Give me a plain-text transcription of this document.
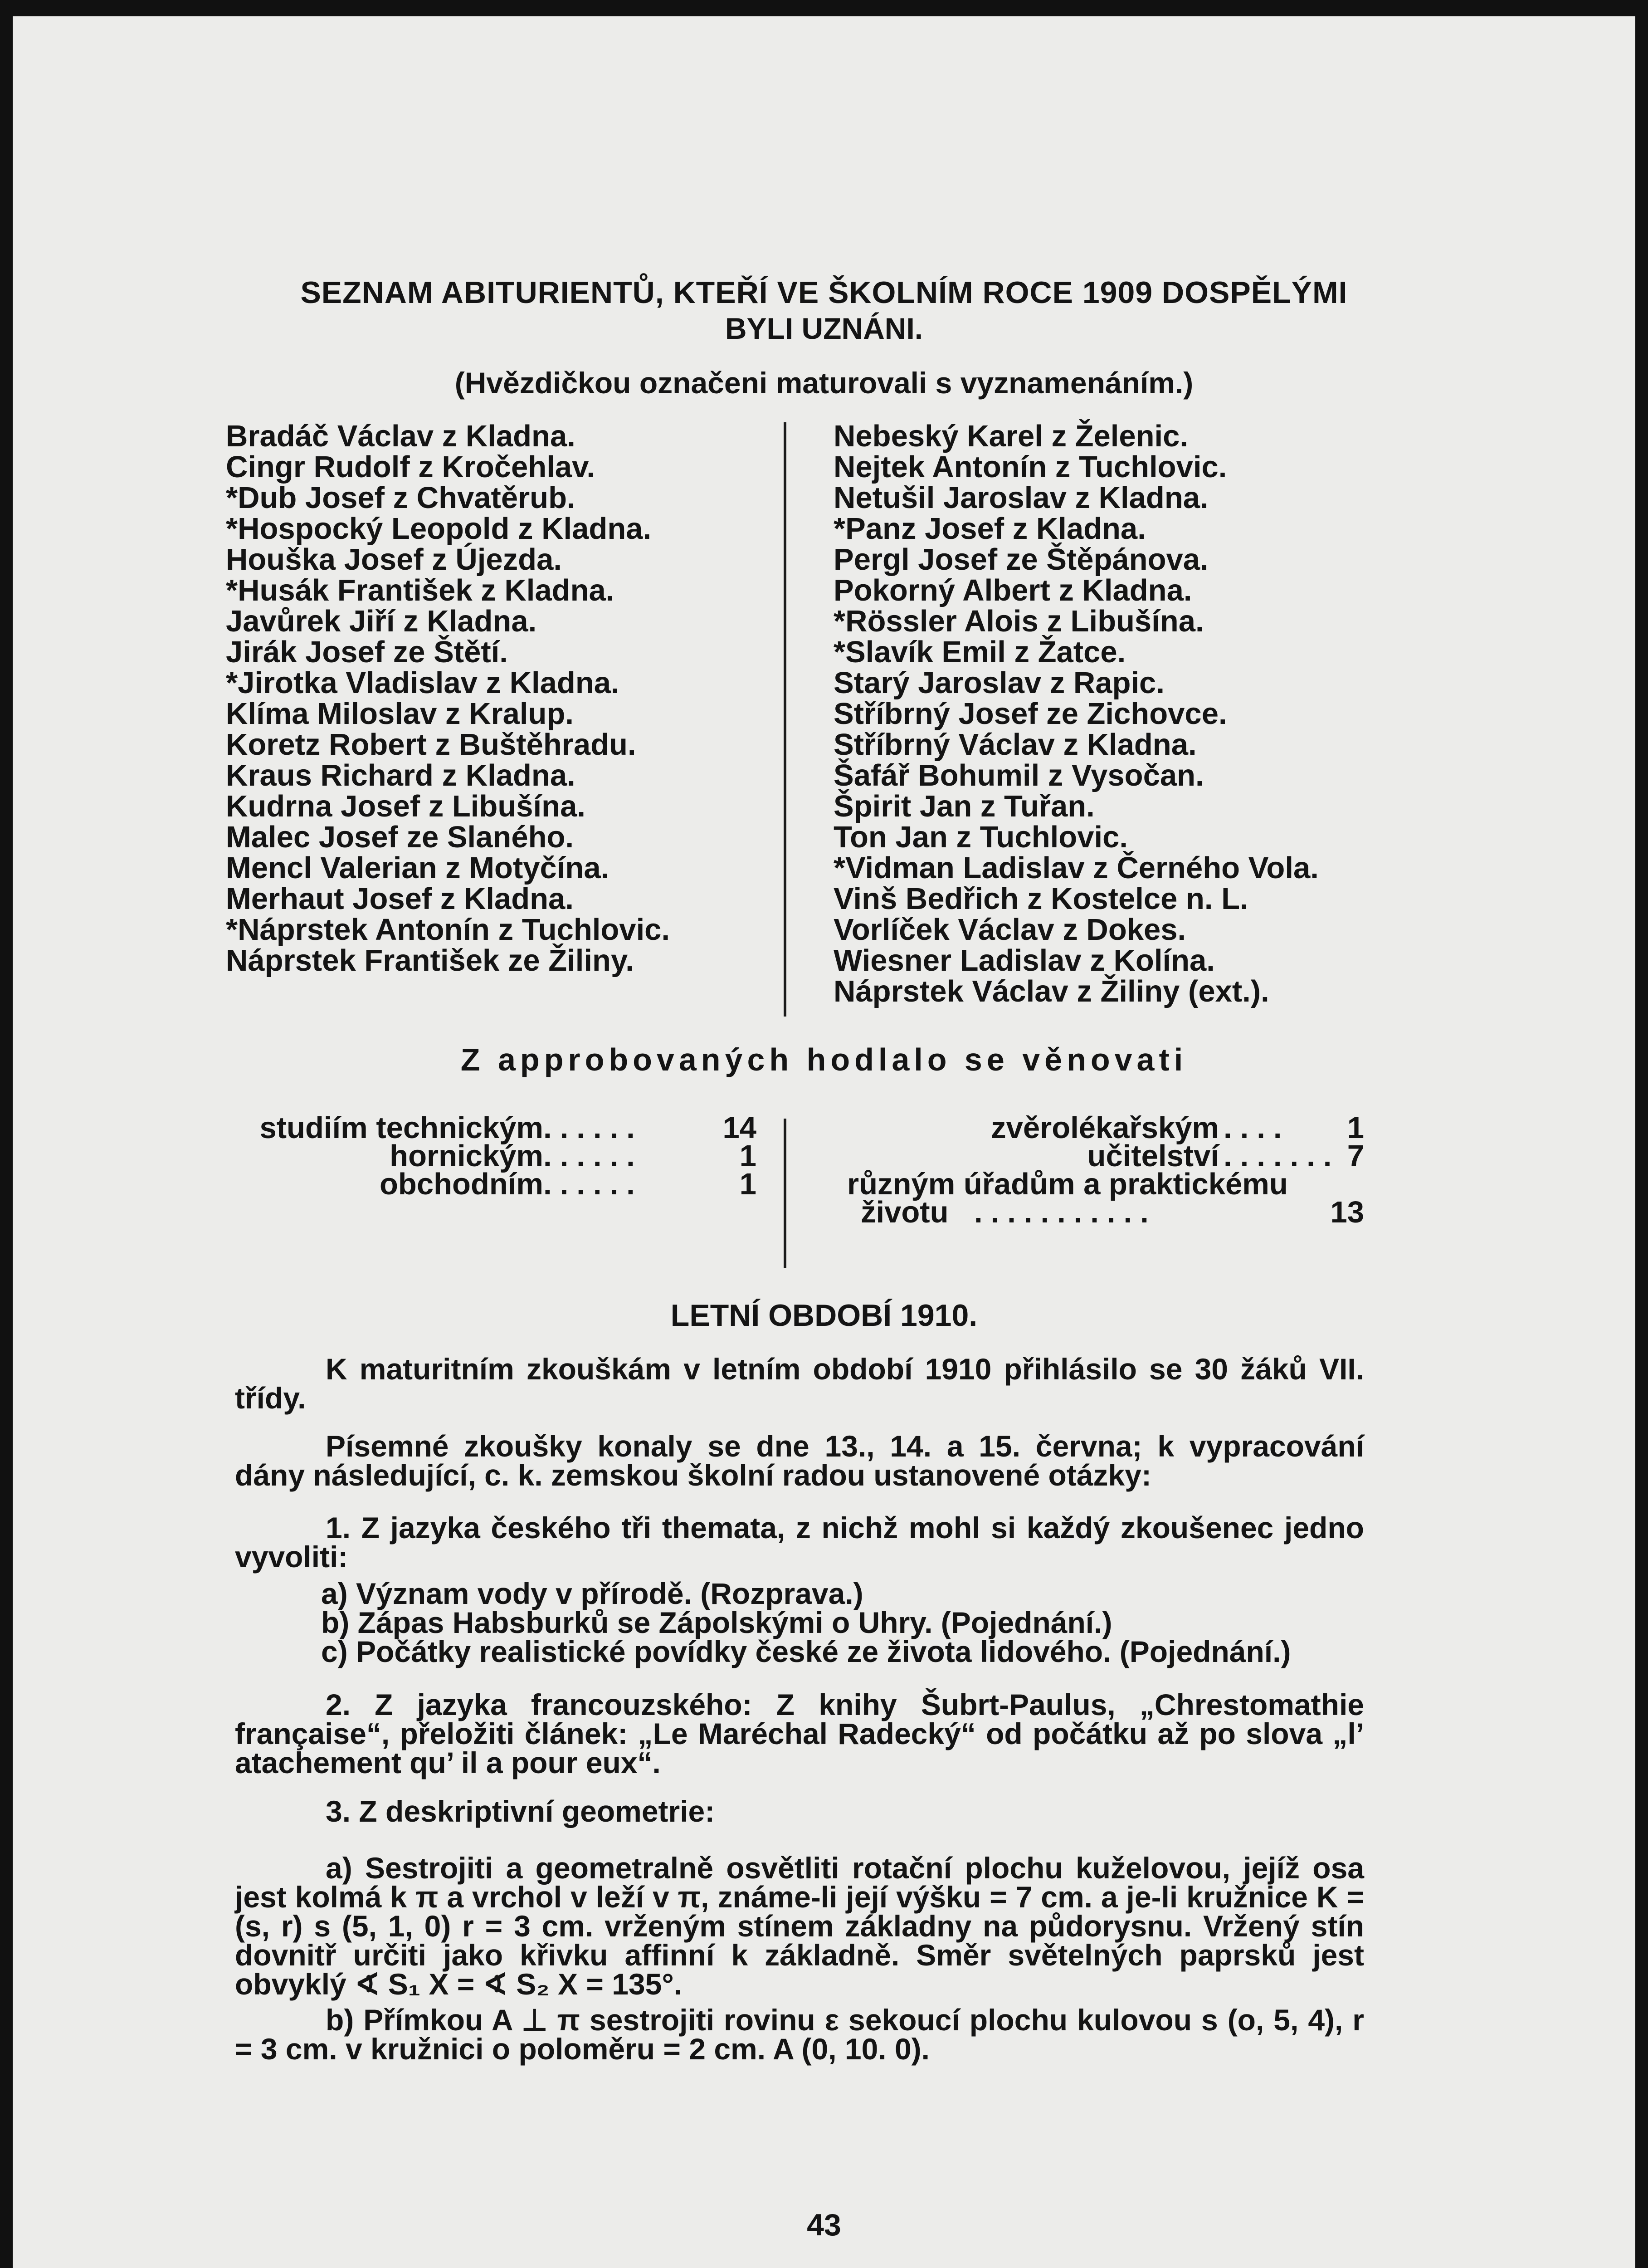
SEZNAM ABITURIENTŮ, KTEŘÍ VE ŠKOLNÍM ROCE 1909 DOSPĚLÝMI
BYLI UZNÁNI.
(Hvězdičkou označeni maturovali s vyznamenáním.)
Bradáč Václav z Kladna.
Cingr Rudolf z Kročehlav.
*Dub Josef z Chvatěrub.
*Hospocký Leopold z Kladna.
Houška Josef z Újezda.
*Husák František z Kladna.
Javůrek Jiří z Kladna.
Jirák Josef ze Štětí.
*Jirotka Vladislav z Kladna.
Klíma Miloslav z Kralup.
Koretz Robert z Buštěhradu.
Kraus Richard z Kladna.
Kudrna Josef z Libušína.
Malec Josef ze Slaného.
Mencl Valerian z Motyčína.
Merhaut Josef z Kladna.
*Náprstek Antonín z Tuchlovic.
Náprstek František ze Žiliny.
Nebeský Karel z Želenic.
Nejtek Antonín z Tuchlovic.
Netušil Jaroslav z Kladna.
*Panz Josef z Kladna.
Pergl Josef ze Štěpánova.
Pokorný Albert z Kladna.
*Rössler Alois z Libušína.
*Slavík Emil z Žatce.
Starý Jaroslav z Rapic.
Stříbrný Josef ze Zichovce.
Stříbrný Václav z Kladna.
Šafář Bohumil z Vysočan.
Špirit Jan z Tuřan.
Ton Jan z Tuchlovic.
*Vidman Ladislav z Černého Vola.
Vinš Bedřich z Kostelce n. L.
Vorlíček Václav z Dokes.
Wiesner Ladislav z Kolína.
Náprstek Václav z Žiliny (ext.).
Z approbovaných hodlalo se věnovati
studiím technickým ......	14
hornickým ......	1
obchodním ......	1
zvěrolékařským .... 1
učitelství ....... 7
různým úřadům a praktickému
životu ...........	13
LETNÍ OBDOBÍ 1910.
K maturitním zkouškám v letním období 1910 přihlásilo se 30 žáků VII. třídy.
Písemné zkoušky konaly se dne 13., 14. a 15. června; k vypracování dány následující, c. k. zemskou školní radou ustanovené otázky:
1. Z jazyka českého tři themata, z nichž mohl si každý zkoušenec jedno vyvoliti:
a) Význam vody v přírodě. (Rozprava.)
b) Zápas Habsburků se Zápolskými o Uhry. (Pojednání.)
c) Počátky realistické povídky české ze života lidového. (Pojednání.)
2. Z jazyka francouzského: Z knihy Šubrt-Paulus, „Chrestomathie française“, přeložiti článek: „Le Maréchal Radecký“ od počátku až po slova „l’ atachement qu’ il a pour eux“.
3. Z deskriptivní geometrie:
a) Sestrojiti a geometralně osvětliti rotační plochu kuželovou, jejíž osa jest kolmá k π a vrchol v leží v π, známe-li její výšku = 7 cm. a je-li kružnice K = (s, r) s (5, 1, 0) r = 3 cm. vrženým stínem základny na půdorysnu. Vržený stín dovnitř určiti jako křivku affinní k základně. Směr světelných paprsků jest obvyklý ∢ S₁ X = ∢ S₂ X = 135°.
b) Přímkou A ⊥ π sestrojiti rovinu ε sekoucí plochu kulovou s (o, 5, 4), r = 3 cm. v kružnici o poloměru = 2 cm. A (0, 10. 0).
43
